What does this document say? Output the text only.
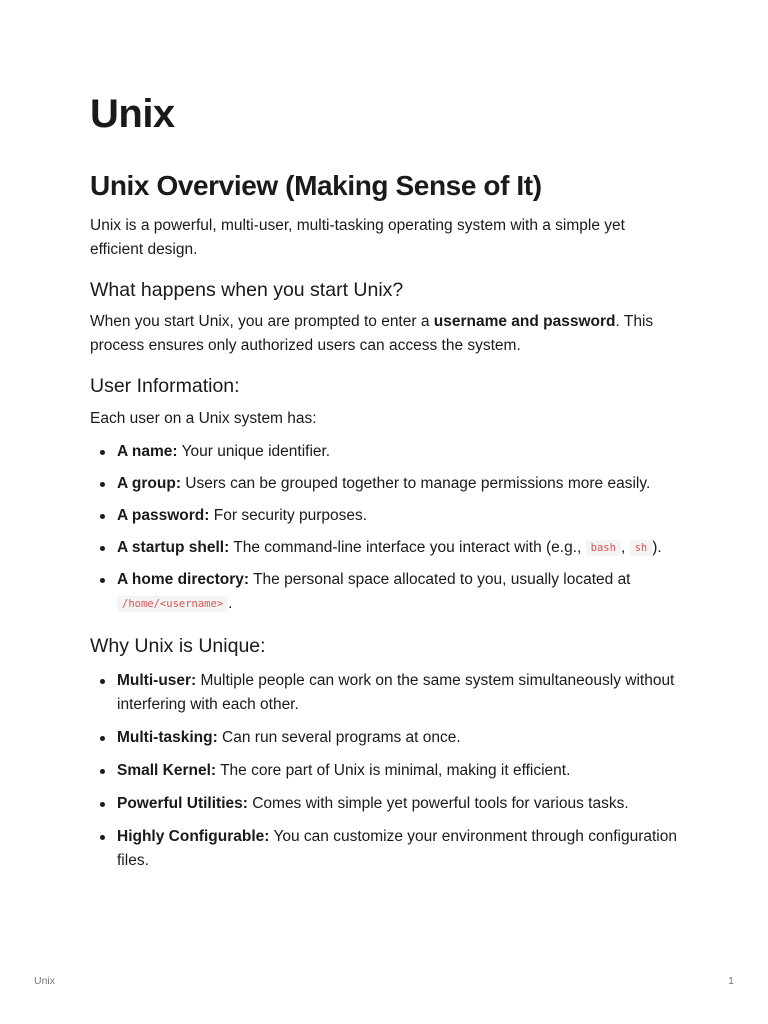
Unix
Unix Overview (Making Sense of It)

Unix is a powerful, multi-user, multi-tasking operating system with a simple yet efficient design.

What happens when you start Unix?

When you start Unix, you are prompted to enter a username and password. This process ensures only authorized users can access the system.

User Information:

Each user on a Unix system has:

A name: Your unique identifier.
A group: Users can be grouped together to manage permissions more easily.
A password: For security purposes.
A startup shell: The command-line interface you interact with (e.g., bash , sh ).
A home directory: The personal space allocated to you, usually located at /home/<username> .
Why Unix is Unique:
Multi-user: Multiple people can work on the same system simultaneously without interfering with each other.
Multi-tasking: Can run several programs at once.
Small Kernel: The core part of Unix is minimal, making it efficient.
Powerful Utilities: Comes with simple yet powerful tools for various tasks.
Highly Configurable: You can customize your environment through configuration files.
Unix	1
